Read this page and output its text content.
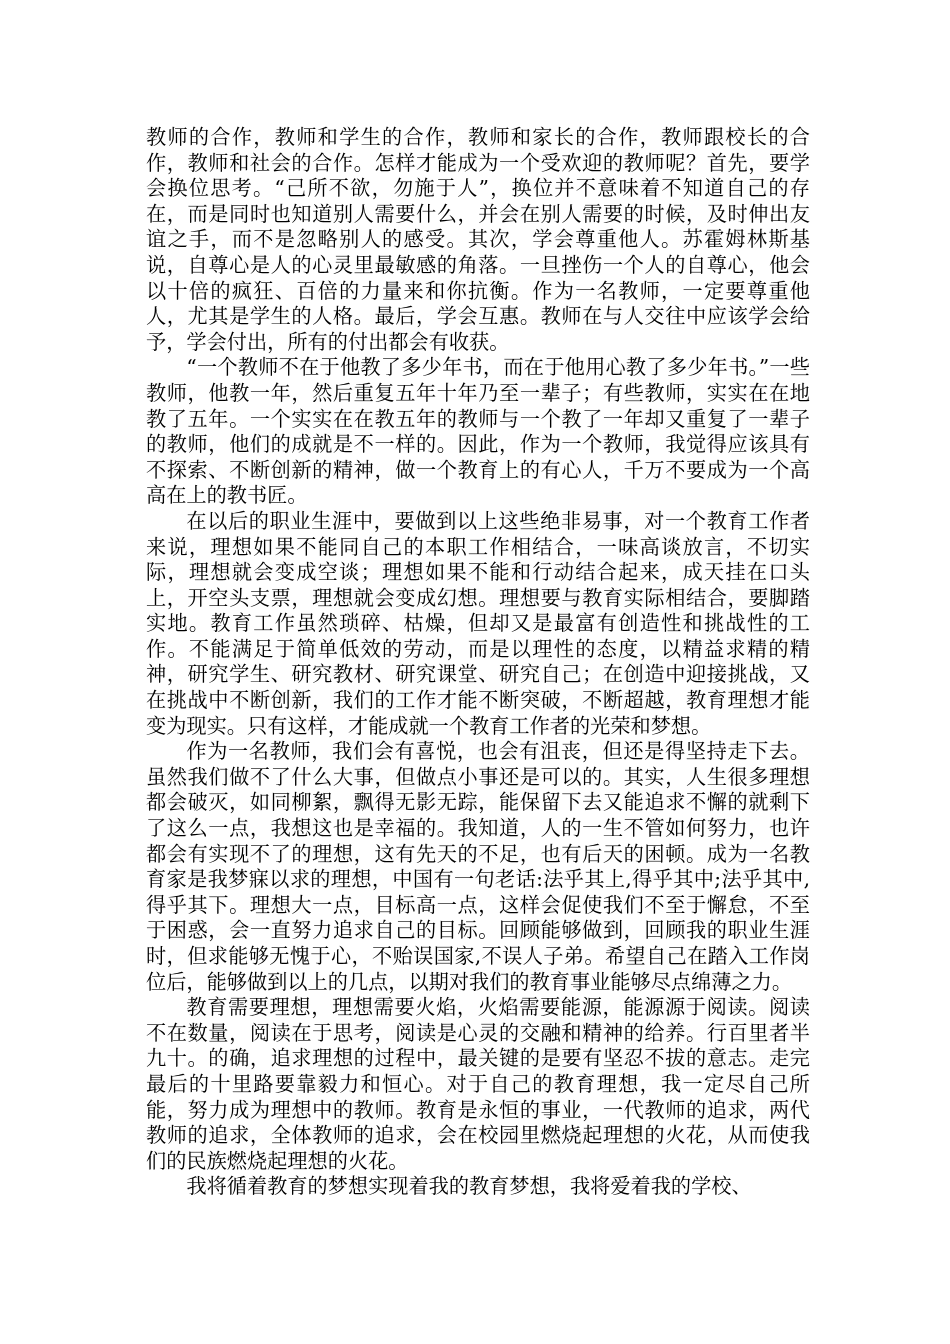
教师的合作，教师和学生的合作，教师和家长的合作，教师跟校长的合作，教师和社会的合作。怎样才能成为一个受欢迎的教师呢？首先，要学会换位思考。“己所不欲，勿施于人”，换位并不意味着不知道自己的存在，而是同时也知道别人需要什么，并会在别人需要的时候，及时伸出友谊之手，而不是忽略别人的感受。其次，学会尊重他人。苏霍姆林斯基说，自尊心是人的心灵里最敏感的角落。一旦挫伤一个人的自尊心，他会以十倍的疯狂、百倍的力量来和你抗衡。作为一名教师，一定要尊重他人，尤其是学生的人格。最后，学会互惠。教师在与人交往中应该学会给予，学会付出，所有的付出都会有收获。

“一个教师不在于他教了多少年书，而在于他用心教了多少年书。”一些教师，他教一年，然后重复五年十年乃至一辈子；有些教师，实实在在地教了五年。一个实实在在教五年的教师与一个教了一年却又重复了一辈子的教师，他们的成就是不一样的。因此，作为一个教师，我觉得应该具有不探索、不断创新的精神，做一个教育上的有心人，千万不要成为一个高高在上的教书匠。

在以后的职业生涯中，要做到以上这些绝非易事，对一个教育工作者来说，理想如果不能同自己的本职工作相结合，一味高谈放言，不切实际，理想就会变成空谈；理想如果不能和行动结合起来，成天挂在口头上，开空头支票，理想就会变成幻想。理想要与教育实际相结合，要脚踏实地。教育工作虽然琐碎、枯燥，但却又是最富有创造性和挑战性的工作。不能满足于简单低效的劳动，而是以理性的态度，以精益求精的精神，研究学生、研究教材、研究课堂、研究自己；在创造中迎接挑战，又在挑战中不断创新，我们的工作才能不断突破，不断超越，教育理想才能变为现实。只有这样，才能成就一个教育工作者的光荣和梦想。

作为一名教师，我们会有喜悦，也会有沮丧，但还是得坚持走下去。虽然我们做不了什么大事，但做点小事还是可以的。其实，人生很多理想都会破灭，如同柳絮，飘得无影无踪，能保留下去又能追求不懈的就剩下了这么一点，我想这也是幸福的。我知道，人的一生不管如何努力，也许都会有实现不了的理想，这有先天的不足，也有后天的困顿。成为一名教育家是我梦寐以求的理想，中国有一句老话:法乎其上,得乎其中;法乎其中,得乎其下。理想大一点，目标高一点，这样会促使我们不至于懈怠，不至于困惑，会一直努力追求自己的目标。回顾能够做到，回顾我的职业生涯时，但求能够无愧于心，不贻误国家,不误人子弟。希望自己在踏入工作岗位后，能够做到以上的几点，以期对我们的教育事业能够尽点绵薄之力。

教育需要理想，理想需要火焰，火焰需要能源，能源源于阅读。阅读不在数量，阅读在于思考，阅读是心灵的交融和精神的给养。行百里者半九十。的确，追求理想的过程中，最关键的是要有坚忍不拔的意志。走完最后的十里路要靠毅力和恒心。对于自己的教育理想，我一定尽自己所能，努力成为理想中的教师。教育是永恒的事业，一代教师的追求，两代教师的追求，全体教师的追求，会在校园里燃烧起理想的火花，从而使我们的民族燃烧起理想的火花。

我将循着教育的梦想实现着我的教育梦想，我将爱着我的学校、
